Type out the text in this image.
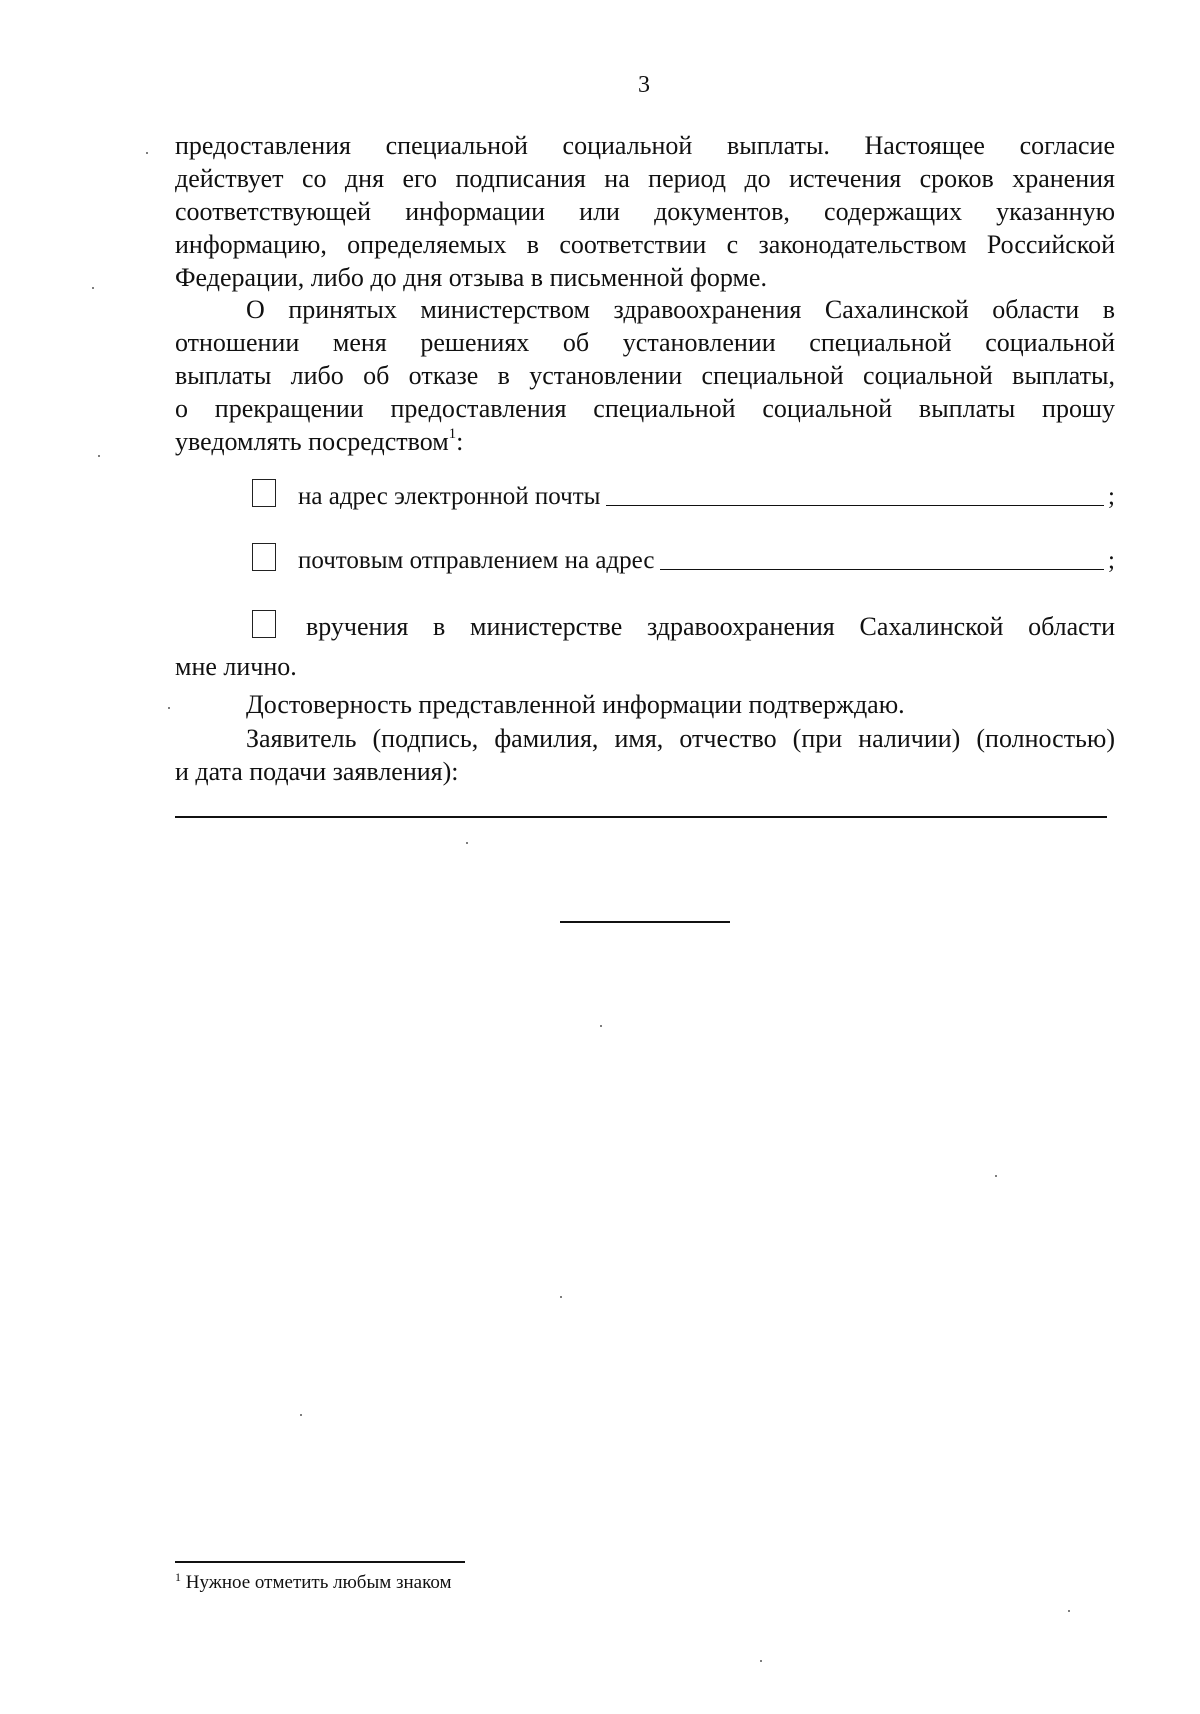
3
предоставления специальной социальной выплаты. Настоящее согласие
действует со дня его подписания на период до истечения сроков хранения
соответствующей информации или документов, содержащих указанную
информацию, определяемых в соответствии с законодательством Российской
Федерации, либо до дня отзыва в письменной форме.
О принятых министерством здравоохранения Сахалинской области в
отношении меня решениях об установлении специальной социальной
выплаты либо об отказе в установлении специальной социальной выплаты,
о прекращении предоставления специальной социальной выплаты прошу
уведомлять посредством$^1$:
на адрес электронной почты	;
почтовым отправлением на адрес	;
вручения в министерстве здравоохранения Сахалинской области
мне лично.
Достоверность представленной информации подтверждаю.
Заявитель (подпись, фамилия, имя, отчество (при наличии) (полностью)
и дата подачи заявления):
$^1$ Нужное отметить любым знаком
